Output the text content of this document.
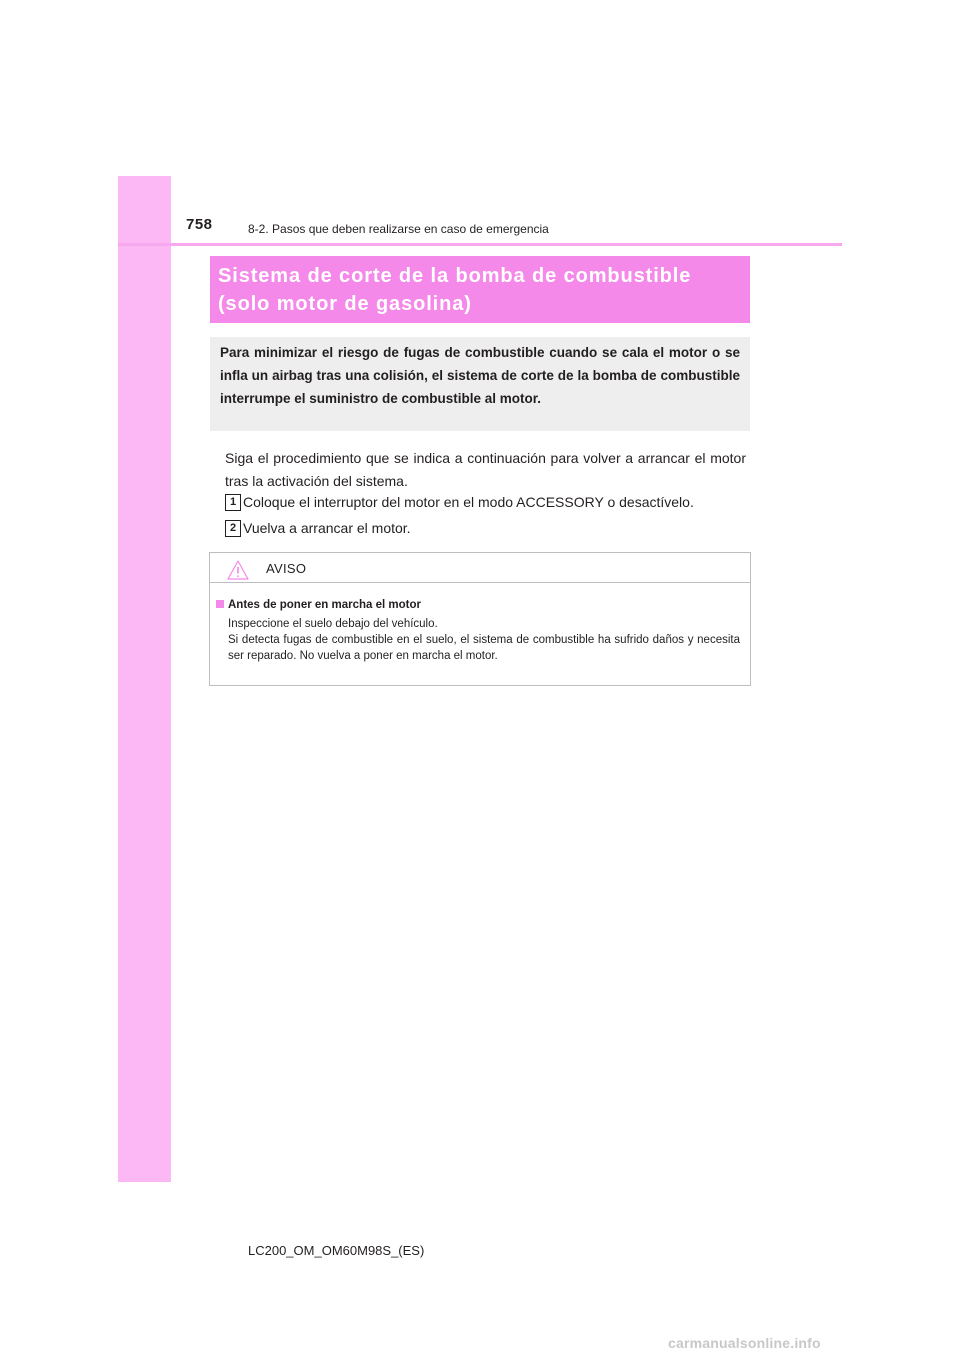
758	8-2. Pasos que deben realizarse en caso de emergencia
Sistema de corte de la bomba de combustible
(solo motor de gasolina)

Para minimizar el riesgo de fugas de combustible cuando se cala el motor o se infla un airbag tras una colisión, el sistema de corte de la bomba de combustible interrumpe el suministro de combustible al motor.

Siga el procedimiento que se indica a continuación para volver a arrancar el motor tras la activación del sistema.

1 Coloque el interruptor del motor en el modo ACCESSORY o desactívelo.
2 Vuelva a arrancar el motor.
AVISO
Antes de poner en marcha el motor
Inspeccione el suelo debajo del vehículo.
Si detecta fugas de combustible en el suelo, el sistema de combustible ha sufrido daños y necesita ser reparado. No vuelva a poner en marcha el motor.
LC200_OM_OM60M98S_(ES)
carmanualsonline.info
